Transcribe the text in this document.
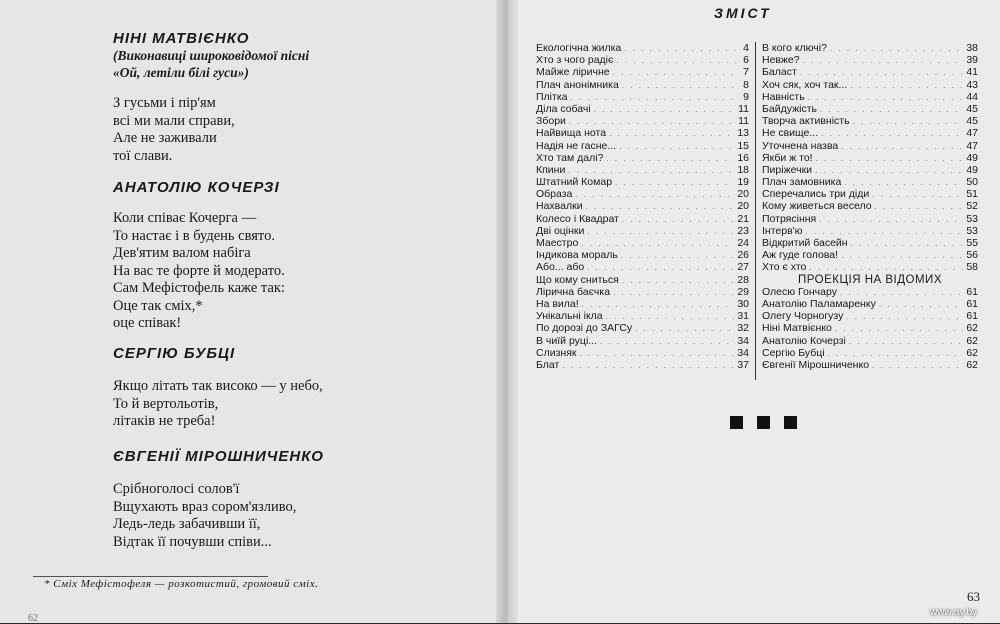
НІНІ МАТВІЄНКО

(Виконавиці широковідомої пісні

«Ой, летіли білі гуси»)

З гусьми і пір'ям

всі ми мали справи,

Але не заживали

тої слави.

АНАТОЛІЮ КОЧЕРЗІ

Коли співає Кочерга —

То настає і в будень свято.

Дев'ятим валом набіга

На вас те форте й модерато.

Сам Мефістофель каже так:

Оце так сміх,*

оце співак!

СЕРГІЮ БУБЦІ

Якщо літать так високо — у небо,

То й вертольотів,

літаків не треба!

ЄВГЕНІЇ МІРОШНИЧЕНКО

Срібноголосі солов'ї

Вщухають враз сором'язливо,

Ледь-ледь забачивши її,

Відтак її почувши співи...

* Сміх Мефістофеля — розкотистий, громовий сміх.
62

ЗМІСТ

Екологічна жилка . . .	4
Хто з чого радіє . . .	6
Майже ліричне . . .	7
Плач анонімника . . .	8
Плітка . . .	9
Діла собачі . . .	11
Збори . . .	11
Найвища нота . . .	13
Надія не гасне... . . .	15
Хто там далі? . . .	16
Кпини . . .	18
Штатний Комар . . .	19
Образа . . .	20
Нахвалки . . .	20
Колесо і Квадрат . . .	21
Дві оцінки . . .	23
Маестро . . .	24
Індикова мораль . . .	26
Або... або . . .	27
Що кому сниться . . .	28
Лірична баєчка . . .	29
На вила! . . .	30
Унікальні ікла . . .	31
По дорозі до ЗАГСу . . .	32
В чиїй руці... . . .	34
Слизняк . . .	34
Блат . . .	37
В кого ключі? . . .	38
Невже? . . .	39
Баласт . . .	41
Хоч сяк, хоч так... . . .	43
Навність . . .	44
Байдужість . . .	45
Творча активність . . .	45
Не свище... . . .	47
Уточнена назва . . .	47
Якби ж то! . . .	49
Пиріжечки . . .	49
Плач замовника . . .	50
Сперечались три діди . . .	51
Кому живеться весело . . .	52
Потрясіння . . .	53
Інтерв'ю . . .	53
Відкритий басейн . . .	55
Аж гуде голова! . . .	56
Хто є хто . . .	58
ПРОЕКЦІЯ НА ВІДОМИХ
Олесю Гончару . . .	61
Анатолію Паламаренку . . .	61
Олегу Чорногузу . . .	61
Ніні Матвієнко . . .	62
Анатолію Кочерзі . . .	62
Сергію Бубці . . .	62
Євгенії Мірошниченко . . .	62
63
www.ay.by
